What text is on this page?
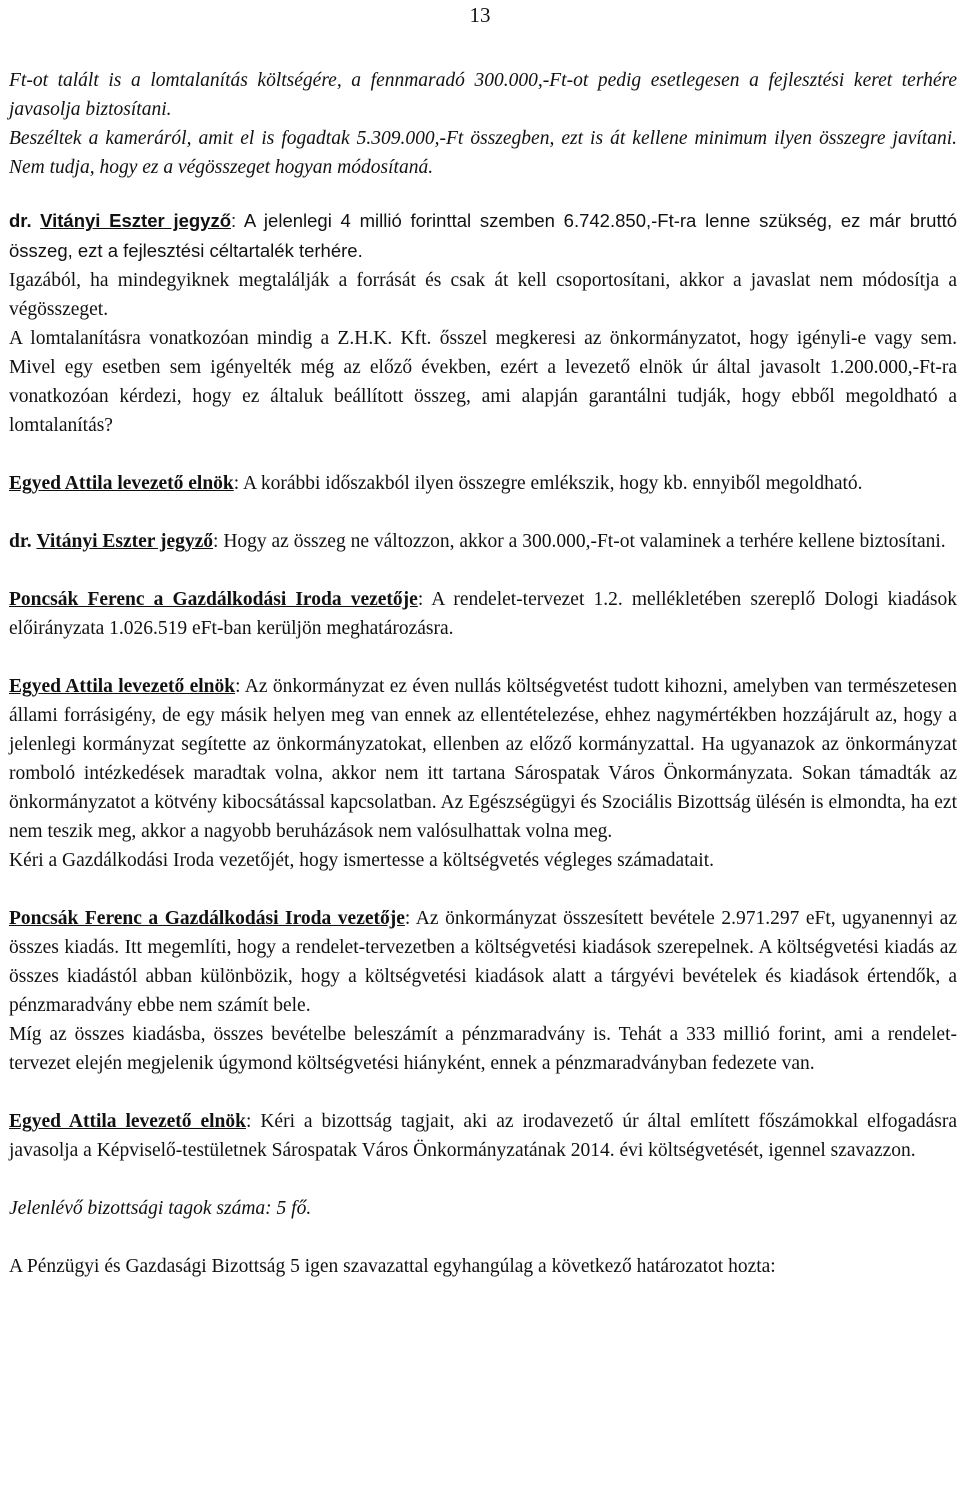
13

Ft-ot talált is a lomtalanítás költségére, a fennmaradó 300.000,-Ft-ot pedig esetlegesen a fejlesztési keret terhére javasolja biztosítani.
Beszéltek a kameráról, amit el is fogadtak 5.309.000,-Ft összegben, ezt is át kellene minimum ilyen összegre javítani. Nem tudja, hogy ez a végösszeget hogyan módosítaná.

dr. Vitányi Eszter jegyző: A jelenlegi 4 millió forinttal szemben 6.742.850,-Ft-ra lenne szükség, ez már bruttó összeg, ezt a fejlesztési céltartalék terhére.
Igazából, ha mindegyiknek megtalálják a forrását és csak át kell csoportosítani, akkor a javaslat nem módosítja a végösszeget.
A lomtalanításra vonatkozóan mindig a Z.H.K. Kft. ősszel megkeresi az önkormányzatot, hogy igényli-e vagy sem. Mivel egy esetben sem igényelték még az előző években, ezért a levezető elnök úr által javasolt 1.200.000,-Ft-ra vonatkozóan kérdezi, hogy ez általuk beállított összeg, ami alapján garantálni tudják, hogy ebből megoldható a lomtalanítás?

Egyed Attila levezető elnök: A korábbi időszakból ilyen összegre emlékszik, hogy kb. ennyiből megoldható.

dr. Vitányi Eszter jegyző: Hogy az összeg ne változzon, akkor a 300.000,-Ft-ot valaminek a terhére kellene biztosítani.

Poncsák Ferenc a Gazdálkodási Iroda vezetője: A rendelet-tervezet 1.2. mellékletében szereplő Dologi kiadások előirányzata 1.026.519 eFt-ban kerüljön meghatározásra.

Egyed Attila levezető elnök: Az önkormányzat ez éven nullás költségvetést tudott kihozni, amelyben van természetesen állami forrásigény, de egy másik helyen meg van ennek az ellentételezése, ehhez nagymértékben hozzájárult az, hogy a jelenlegi kormányzat segítette az önkormányzatokat, ellenben az előző kormányzattal. Ha ugyanazok az önkormányzat romboló intézkedések maradtak volna, akkor nem itt tartana Sárospatak Város Önkormányzata. Sokan támadták az önkormányzatot a kötvény kibocsátással kapcsolatban. Az Egészségügyi és Szociális Bizottság ülésén is elmondta, ha ezt nem teszik meg, akkor a nagyobb beruházások nem valósulhattak volna meg.
Kéri a Gazdálkodási Iroda vezetőjét, hogy ismertesse a költségvetés végleges számadatait.

Poncsák Ferenc a Gazdálkodási Iroda vezetője: Az önkormányzat összesített bevétele 2.971.297 eFt, ugyanennyi az összes kiadás. Itt megemlíti, hogy a rendelet-tervezetben a költségvetési kiadások szerepelnek. A költségvetési kiadás az összes kiadástól abban különbözik, hogy a költségvetési kiadások alatt a tárgyévi bevételek és kiadások értendők, a pénzmaradvány ebbe nem számít bele.
Míg az összes kiadásba, összes bevételbe beleszámít a pénzmaradvány is. Tehát a 333 millió forint, ami a rendelet-tervezet elején megjelenik úgymond költségvetési hiányként, ennek a pénzmaradványban fedezete van.

Egyed Attila levezető elnök: Kéri a bizottság tagjait, aki az irodavezető úr által említett főszámokkal elfogadásra javasolja a Képviselő-testületnek Sárospatak Város Önkormányzatának 2014. évi költségvetését, igennel szavazzon.

Jelenlévő bizottsági tagok száma: 5 fő.

A Pénzügyi és Gazdasági Bizottság 5 igen szavazattal egyhangúlag a következő határozatot hozta:
